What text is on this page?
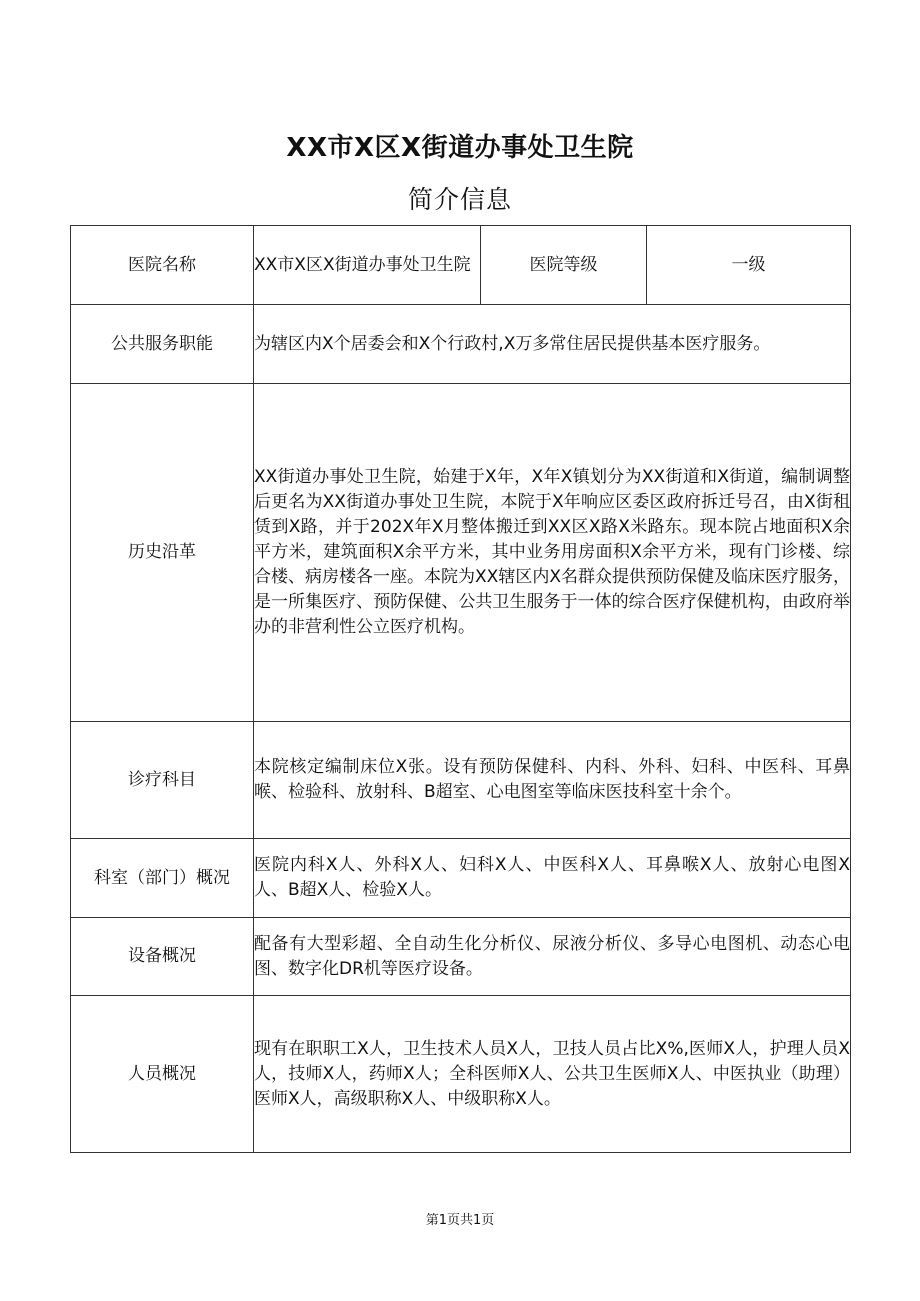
XX市X区X街道办事处卫生院
简介信息
医院名称	XX市X区X街道办事处卫生院	医院等级	一级
公共服务职能	为辖区内X个居委会和X个行政村,X万多常住居民提供基本医疗服务。		
历史沿革	XX街道办事处卫生院，始建于X年，X年X镇划分为XX街道和X街道，编制调整后更名为XX街道办事处卫生院，本院于X年响应区委区政府拆迁号召，由X街租赁到X路，并于202X年X月整体搬迁到XX区X路X米路东。现本院占地面积X余平方米，建筑面积X余平方米，其中业务用房面积X余平方米，现有门诊楼、综合楼、病房楼各一座。本院为XX辖区内X名群众提供预防保健及临床医疗服务，是一所集医疗、预防保健、公共卫生服务于一体的综合医疗保健机构，由政府举办的非营利性公立医疗机构。		
诊疗科目	本院核定编制床位X张。设有预防保健科、内科、外科、妇科、中医科、耳鼻喉、检验科、放射科、B超室、心电图室等临床医技科室十余个。		
科室（部门）概况	医院内科X人、外科X人、妇科X人、中医科X人、耳鼻喉X人、放射心电图X人、B超X人、检验X人。		
设备概况	配备有大型彩超、全自动生化分析仪、尿液分析仪、多导心电图机、动态心电图、数字化DR机等医疗设备。		
人员概况	现有在职职工X人，卫生技术人员X人，卫技人员占比X%,医师X人，护理人员X人，技师X人，药师X人；全科医师X人、公共卫生医师X人、中医执业（助理）医师X人，高级职称X人、中级职称X人。		
第1页共1页
